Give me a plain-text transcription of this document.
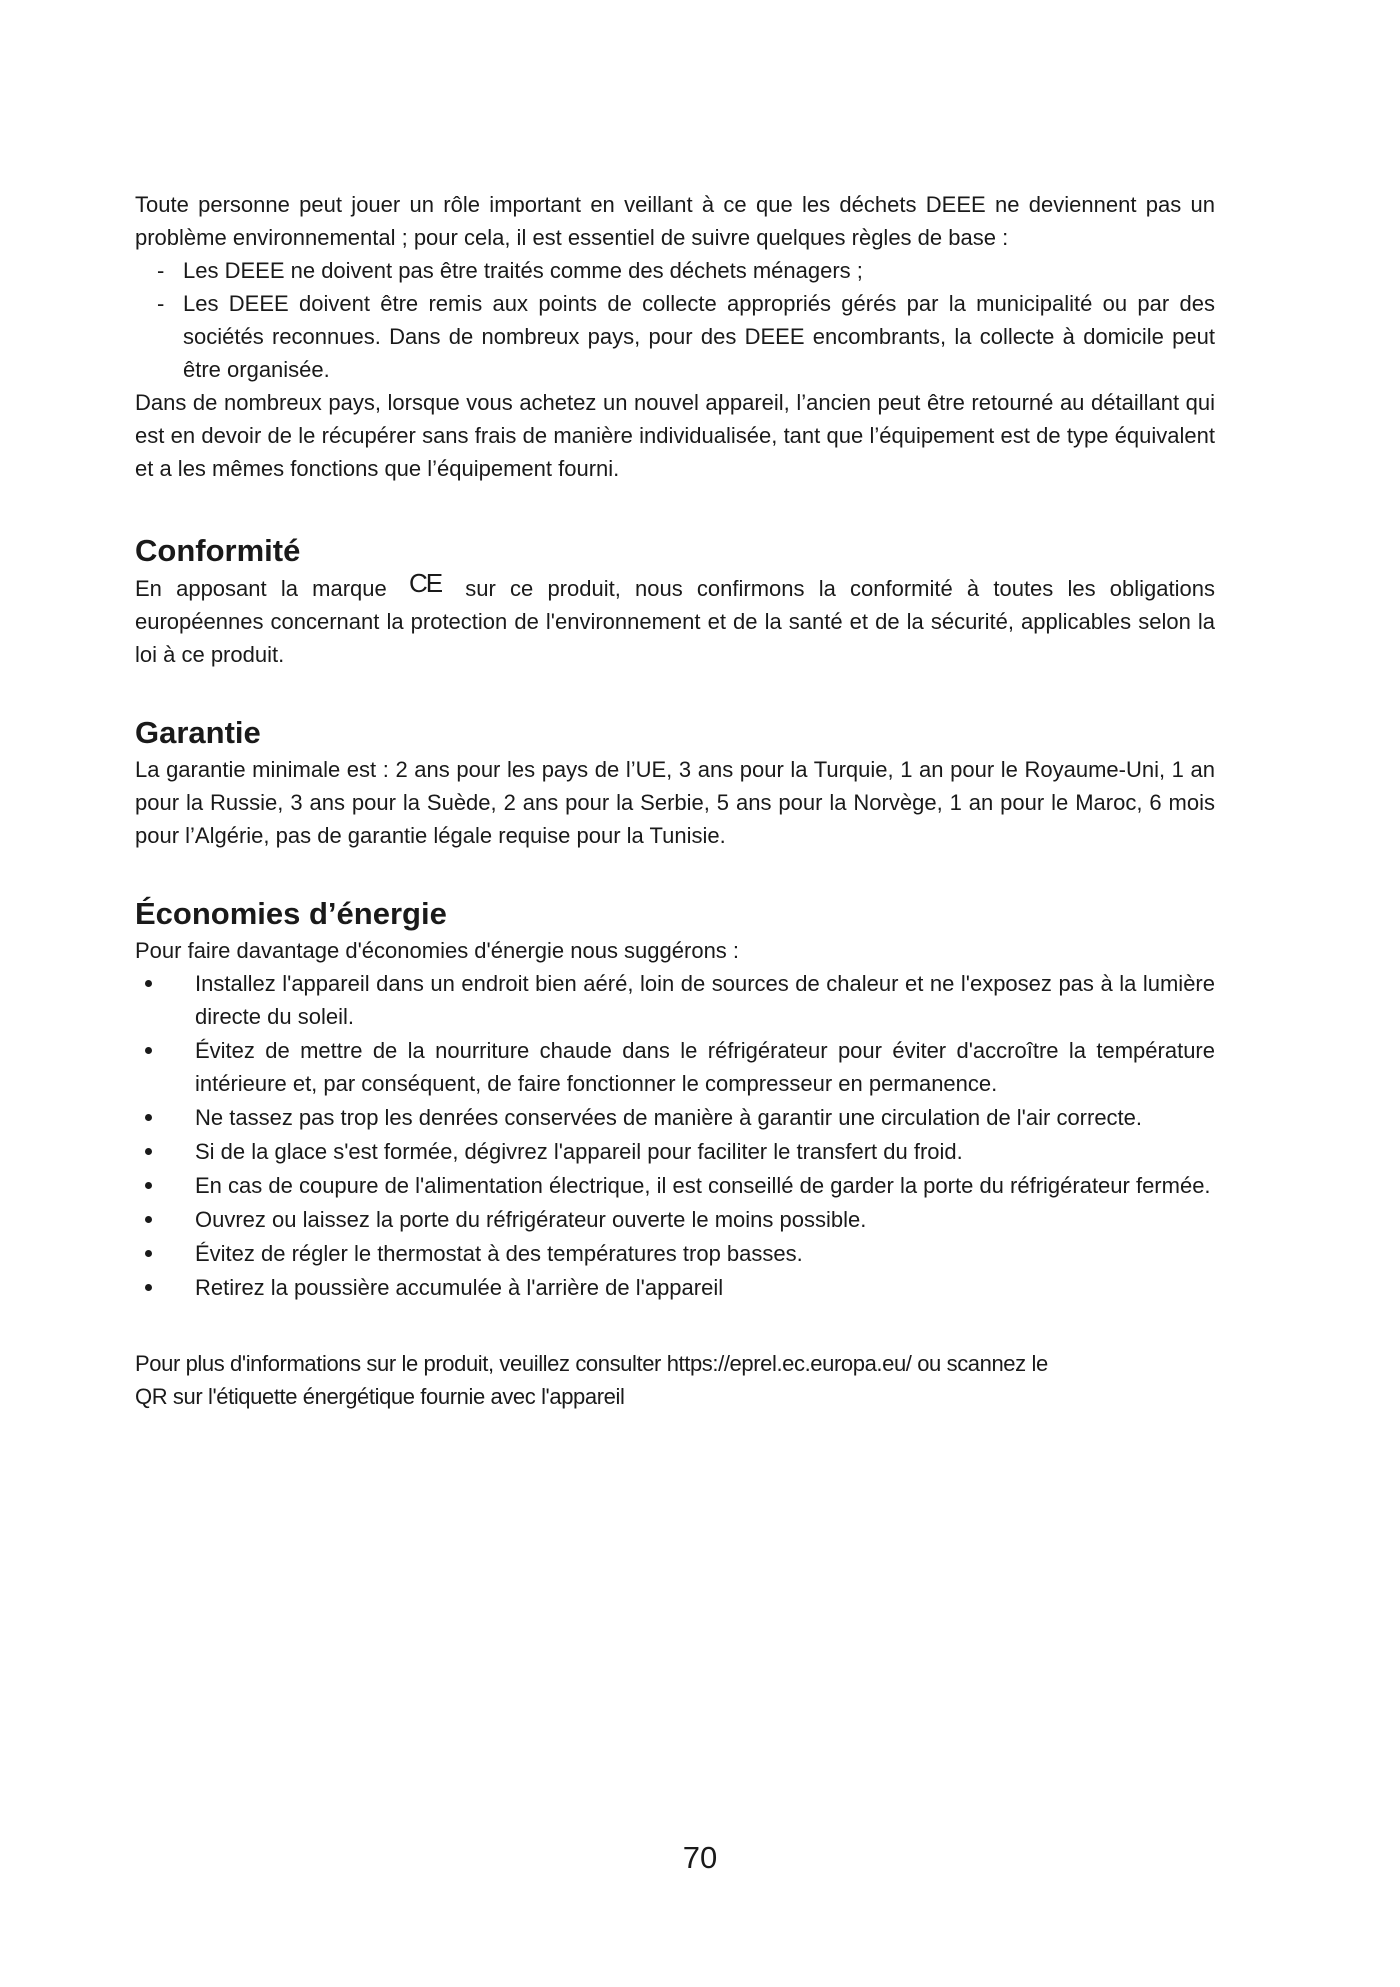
Toute personne peut jouer un rôle important en veillant à ce que les déchets DEEE ne deviennent pas un problème environnemental ; pour cela, il est essentiel de suivre quelques règles de base :

- Les DEEE ne doivent pas être traités comme des déchets ménagers ;
- Les DEEE doivent être remis aux points de collecte appropriés gérés par la municipalité ou par des sociétés reconnues. Dans de nombreux pays, pour des DEEE encombrants, la collecte à domicile peut être organisée.

Dans de nombreux pays, lorsque vous achetez un nouvel appareil, l’ancien peut être retourné au détaillant qui est en devoir de le récupérer sans frais de manière individualisée, tant que l’équipement est de type équivalent et a les mêmes fonctions que l’équipement fourni.

Conformité

En apposant la marque CE sur ce produit, nous confirmons la conformité à toutes les obligations européennes concernant la protection de l'environnement et de la santé et de la sécurité, applicables selon la loi à ce produit.

Garantie

La garantie minimale est : 2 ans pour les pays de l’UE, 3 ans pour la Turquie, 1 an pour le Royaume-Uni, 1 an pour la Russie, 3 ans pour la Suède, 2 ans pour la Serbie, 5 ans pour la Norvège, 1 an pour le Maroc, 6 mois pour l’Algérie, pas de garantie légale requise pour la Tunisie.

Économies d’énergie

Pour faire davantage d'économies d'énergie nous suggérons :

Installez l'appareil dans un endroit bien aéré, loin de sources de chaleur et ne l'exposez pas à la lumière directe du soleil.
Évitez de mettre de la nourriture chaude dans le réfrigérateur pour éviter d'accroître la température intérieure et, par conséquent, de faire fonctionner le compresseur en permanence.
Ne tassez pas trop les denrées conservées de manière à garantir une circulation de l'air correcte.
Si de la glace s'est formée, dégivrez l'appareil pour faciliter le transfert du froid.
En cas de coupure de l'alimentation électrique, il est conseillé de garder la porte du réfrigérateur fermée.
Ouvrez ou laissez la porte du réfrigérateur ouverte le moins possible.
Évitez de régler le thermostat à des températures trop basses.
Retirez la poussière accumulée à l'arrière de l'appareil

Pour plus d'informations sur le produit, veuillez consulter https://eprel.ec.europa.eu/ ou scannez le
QR sur l'étiquette énergétique fournie avec l'appareil

70
